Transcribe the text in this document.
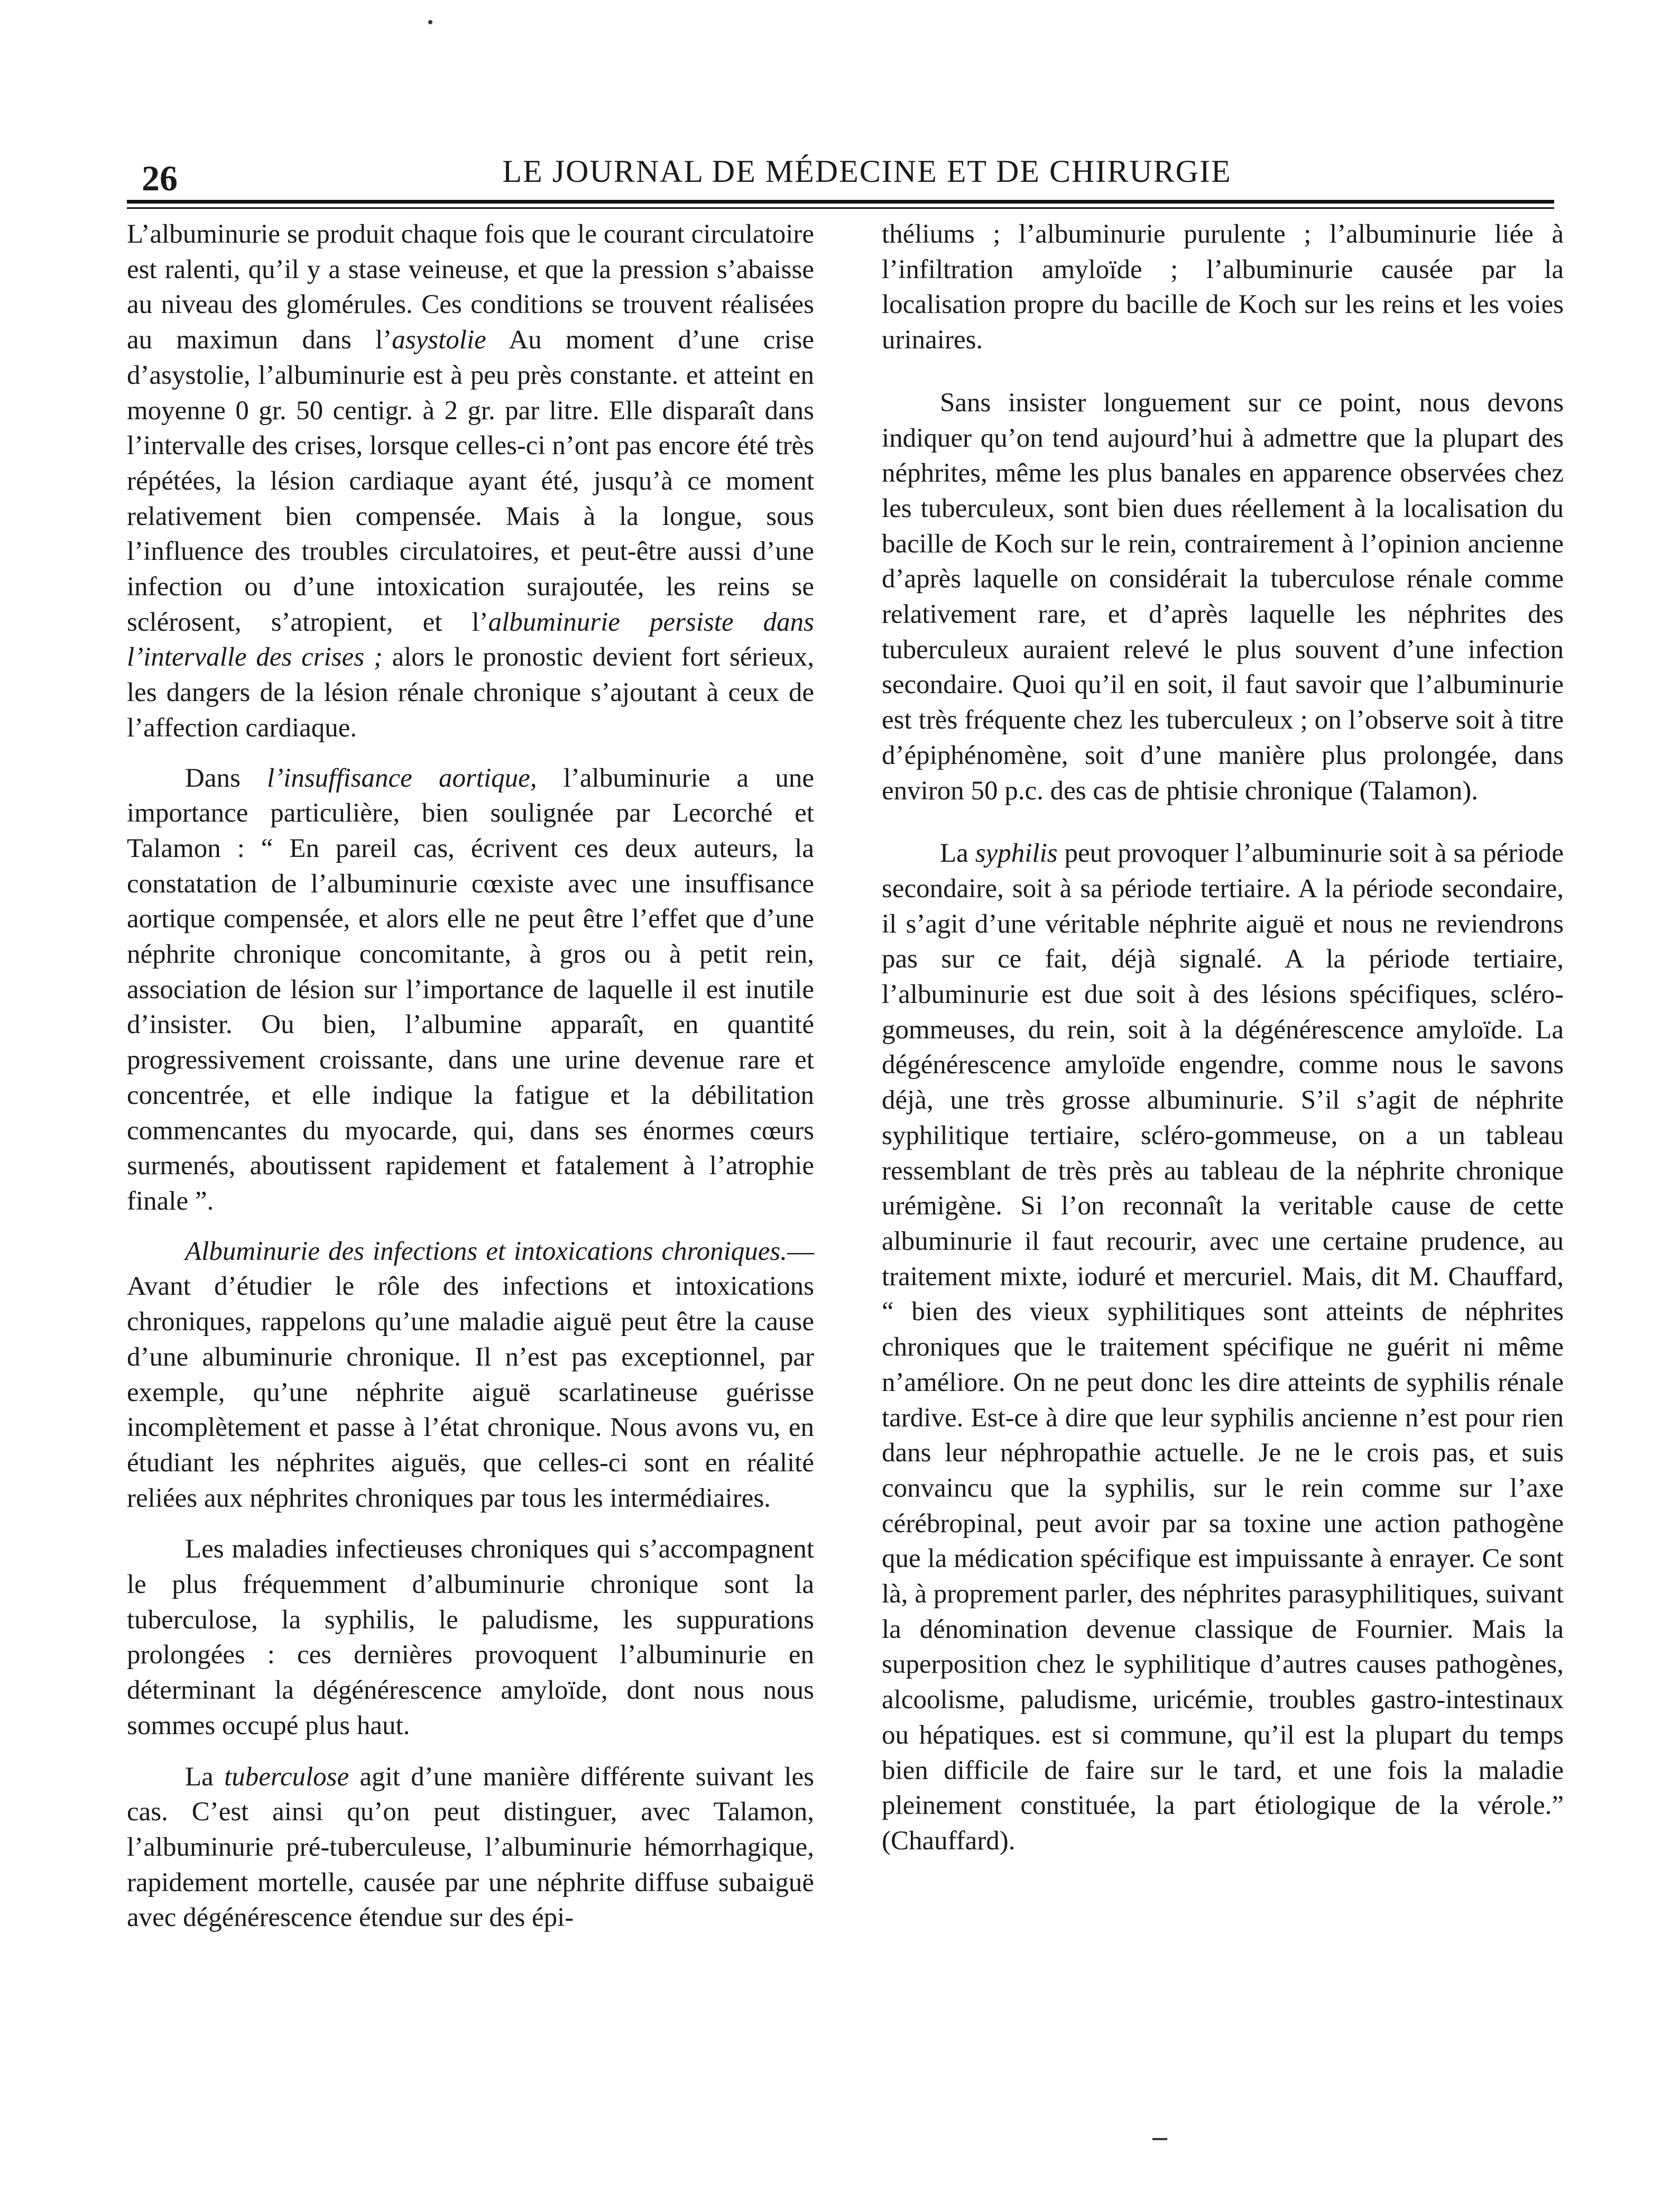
26	LE JOURNAL DE MÉDECINE ET DE CHIRURGIE

L’albuminurie se produit chaque fois que le courant circulatoire est ralenti, qu’il y a stase veineuse, et que la pression s’abaisse au niveau des glomérules. Ces conditions se trouvent réalisées au maximun dans l’asystolie Au moment d’une crise d’asystolie, l’albuminurie est à peu près constante. et atteint en moyenne 0 gr. 50 centigr. à 2 gr. par litre. Elle disparaît dans l’intervalle des crises, lorsque celles-ci n’ont pas encore été très répétées, la lésion cardiaque ayant été, jusqu’à ce moment relativement bien compensée. Mais à la longue, sous l’influence des troubles circulatoires, et peut-être aussi d’une infection ou d’une intoxication surajoutée, les reins se sclérosent, s’atropient, et l’albuminurie persiste dans l’intervalle des crises ; alors le pronostic devient fort sérieux, les dangers de la lésion rénale chronique s’ajoutant à ceux de l’affection cardiaque.

Dans l’insuffisance aortique, l’albuminurie a une importance particulière, bien soulignée par Lecorché et Talamon : “ En pareil cas, écrivent ces deux auteurs, la constatation de l’albuminurie cœxiste avec une insuffisance aortique compensée, et alors elle ne peut être l’effet que d’une néphrite chronique concomitante, à gros ou à petit rein, association de lésion sur l’importance de laquelle il est inutile d’insister. Ou bien, l’albumine apparaît, en quantité progressivement croissante, dans une urine devenue rare et concentrée, et elle indique la fatigue et la débilitation commencantes du myocarde, qui, dans ses énormes cœurs surmenés, aboutissent rapidement et fatalement à l’atrophie finale ”.

Albuminurie des infections et intoxications chroniques.— Avant d’étudier le rôle des infections et intoxications chroniques, rappelons qu’une maladie aiguë peut être la cause d’une albuminurie chronique. Il n’est pas exceptionnel, par exemple, qu’une néphrite aiguë scarlatineuse guérisse incomplètement et passe à l’état chronique. Nous avons vu, en étudiant les néphrites aiguës, que celles-ci sont en réalité reliées aux néphrites chroniques par tous les intermédiaires.

Les maladies infectieuses chroniques qui s’accompagnent le plus fréquemment d’albuminurie chronique sont la tuberculose, la syphilis, le paludisme, les suppurations prolongées : ces dernières provoquent l’albuminurie en déterminant la dégénérescence amyloïde, dont nous nous sommes occupé plus haut.

La tuberculose agit d’une manière différente suivant les cas. C’est ainsi qu’on peut distinguer, avec Talamon, l’albuminurie pré-tuberculeuse, l’albuminurie hémorrhagique, rapidement mortelle, causée par une néphrite diffuse subaiguë avec dégénérescence étendue sur des épi-

théliums ; l’albuminurie purulente ; l’albuminurie liée à l’infiltration amyloïde ; l’albuminurie causée par la localisation propre du bacille de Koch sur les reins et les voies urinaires.

Sans insister longuement sur ce point, nous devons indiquer qu’on tend aujourd’hui à admettre que la plupart des néphrites, même les plus banales en apparence observées chez les tuberculeux, sont bien dues réellement à la localisation du bacille de Koch sur le rein, contrairement à l’opinion ancienne d’après laquelle on considérait la tuberculose rénale comme relativement rare, et d’après laquelle les néphrites des tuberculeux auraient relevé le plus souvent d’une infection secondaire. Quoi qu’il en soit, il faut savoir que l’albuminurie est très fréquente chez les tuberculeux ; on l’observe soit à titre d’épiphénomène, soit d’une manière plus prolongée, dans environ 50 p.c. des cas de phtisie chronique (Talamon).

La syphilis peut provoquer l’albuminurie soit à sa période secondaire, soit à sa période tertiaire. A la période secondaire, il s’agit d’une véritable néphrite aiguë et nous ne reviendrons pas sur ce fait, déjà signalé. A la période tertiaire, l’albuminurie est due soit à des lésions spécifiques, scléro-gommeuses, du rein, soit à la dégénérescence amyloïde. La dégénérescence amyloïde engendre, comme nous le savons déjà, une très grosse albuminurie. S’il s’agit de néphrite syphilitique tertiaire, scléro-gommeuse, on a un tableau ressemblant de très près au tableau de la néphrite chronique urémigène. Si l’on reconnaît la veritable cause de cette albuminurie il faut recourir, avec une certaine prudence, au traitement mixte, ioduré et mercuriel. Mais, dit M. Chauffard, “ bien des vieux syphilitiques sont atteints de néphrites chroniques que le traitement spécifique ne guérit ni même n’améliore. On ne peut donc les dire atteints de syphilis rénale tardive. Est-ce à dire que leur syphilis ancienne n’est pour rien dans leur néphropathie actuelle. Je ne le crois pas, et suis convaincu que la syphilis, sur le rein comme sur l’axe cérébropinal, peut avoir par sa toxine une action pathogène que la médication spécifique est impuissante à enrayer. Ce sont là, à proprement parler, des néphrites parasyphilitiques, suivant la dénomination devenue classique de Fournier. Mais la superposition chez le syphilitique d’autres causes pathogènes, alcoolisme, paludisme, uricémie, troubles gastro-intestinaux ou hépatiques. est si commune, qu’il est la plupart du temps bien difficile de faire sur le tard, et une fois la maladie pleinement constituée, la part étiologique de la vérole.” (Chauffard).
